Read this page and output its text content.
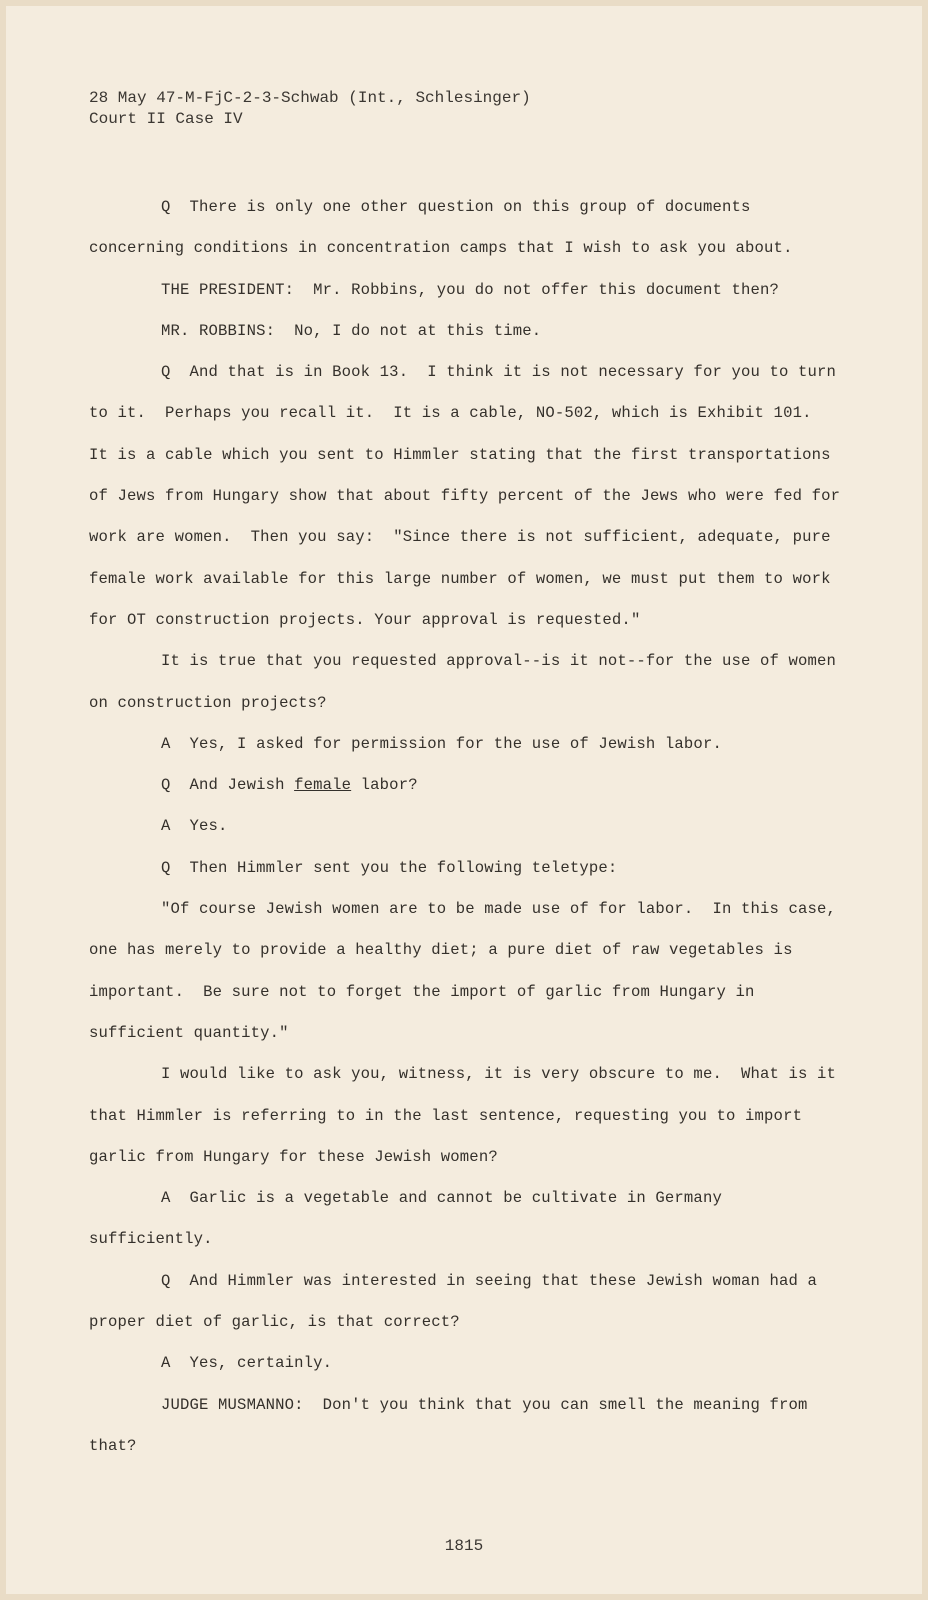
28 May 47-M-FjC-2-3-Schwab (Int., Schlesinger)
Court II Case IV

Q  There is only one other question on this group of documents concerning conditions in concentration camps that I wish to ask you about.

THE PRESIDENT:  Mr. Robbins, you do not offer this document then?

MR. ROBBINS:  No, I do not at this time.

Q  And that is in Book 13.  I think it is not necessary for you to turn to it.  Perhaps you recall it.  It is a cable, NO-502, which is Exhibit 101.  It is a cable which you sent to Himmler stating that the first transportations of Jews from Hungary show that about fifty percent of the Jews who were fed for work are women.  Then you say:  "Since there is not sufficient, adequate, pure female work available for this large number of women, we must put them to work for OT construction projects. Your approval is requested."

It is true that you requested approval--is it not--for the use of women on construction projects?

A  Yes, I asked for permission for the use of Jewish labor.

Q  And Jewish female labor?

A  Yes.

Q  Then Himmler sent you the following teletype:

"Of course Jewish women are to be made use of for labor.  In this case, one has merely to provide a healthy diet; a pure diet of raw vegetables is important.  Be sure not to forget the import of garlic from Hungary in sufficient quantity."

I would like to ask you, witness, it is very obscure to me.  What is it that Himmler is referring to in the last sentence, requesting you to import garlic from Hungary for these Jewish women?

A  Garlic is a vegetable and cannot be cultivate in Germany sufficiently.

Q  And Himmler was interested in seeing that these Jewish woman had a proper diet of garlic, is that correct?

A  Yes, certainly.

JUDGE MUSMANNO:  Don't you think that you can smell the meaning from that?

1815
